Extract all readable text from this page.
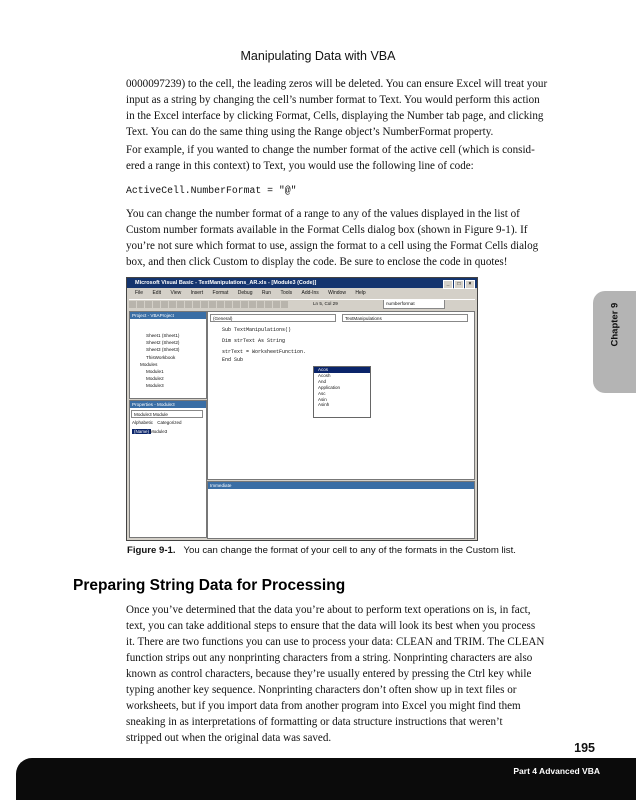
Manipulating Data with VBA

0000097239) to the cell, the leading zeros will be deleted. You can ensure Excel will treat your
input as a string by changing the cell’s number format to Text. You would perform this action
in the Excel interface by clicking Format, Cells, displaying the Number tab page, and clicking
Text. You can do the same thing using the Range object’s NumberFormat property.

For example, if you wanted to change the number format of the active cell (which is consid-
ered a range in this context) to Text, you would use the following line of code:

ActiveCell.NumberFormat = "@"

You can change the number format of a range to any of the values displayed in the list of
Custom number formats available in the Format Cells dialog box (shown in Figure 9-1). If
you’re not sure which format to use, assign the format to a cell using the Format Cells dialog
box, and then click Custom to display the code. Be sure to enclose the code in quotes!

Microsoft Visual Basic - TextManipulations_AR.xls - [Module3 (Code)]	_ □ ×
File Edit View Insert Format Debug Run Tools Add-Ins Window Help
numberformat
Ln 5, Col 29
Project - VBAProject
Sheet1 (Sheet1)
Sheet2 (Sheet2)
Sheet3 (Sheet3)
ThisWorkbook
Modules
Module1
Module2
Module3
Properties - Module3
Module3 Module
Alphabetic Categorized
(Name) Module3
(General)	TextManipulations
Sub TextManipulations()
Dim strText As String
strText = WorksheetFunction.
End Sub
Acos
Acosh
And
Application
Asc
Asin
Asinh
Immediate
Figure 9-1. You can change the format of your cell to any of the formats in the Custom list.
Preparing String Data for Processing

Once you’ve determined that the data you’re about to perform text operations on is, in fact,
text, you can take additional steps to ensure that the data will look its best when you process
it. There are two functions you can use to process your data: CLEAN and TRIM. The CLEAN
function strips out any nonprinting characters from a string. Nonprinting characters are also
known as control characters, because they’re usually entered by pressing the Ctrl key while
typing another key sequence. Nonprinting characters don’t often show up in text files or
worksheets, but if you import data from another program into Excel you might find them
sneaking in as interpretations of formatting or data structure instructions that weren’t
stripped out when the original data was saved.

Chapter 9
195
Part 4 Advanced VBA
